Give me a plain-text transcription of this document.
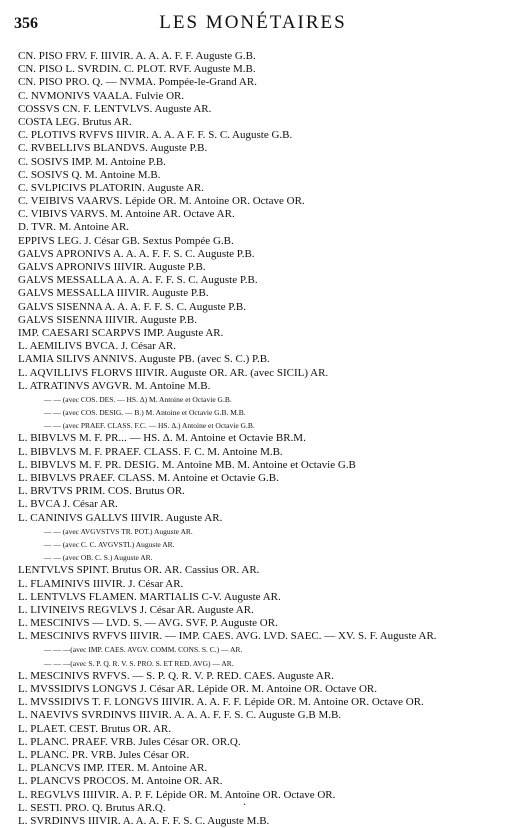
356	LES MONÉTAIRES
CN. PISO FRV. F. IIIVIR. A. A. A. F. F. Auguste G.B.
CN. PISO L. SVRDIN. C. PLOT. RVF. Auguste M.B.
CN. PISO PRO. Q. — NVMA. Pompée-le-Grand AR.
C. NVMONIVS VAALA. Fulvie OR.
COSSVS CN. F. LENTVLVS. Auguste AR.
COSTA LEG. Brutus AR.
C. PLOTIVS RVFVS IIIVIR. A. A. A F. F. S. C. Auguste G.B.
C. RVBELLIVS BLANDVS. Auguste P.B.
C. SOSIVS IMP. M. Antoine P.B.
C. SOSIVS Q. M. Antoine M.B.
C. SVLPICIVS PLATORIN. Auguste AR.
C. VEIBIVS VAARVS. Lépide OR. M. Antoine OR. Octave OR.
C. VIBIVS VARVS. M. Antoine AR. Octave AR.
D. TVR. M. Antoine AR.
EPPIVS LEG. J. César GB. Sextus Pompée G.B.
GALVS APRONIVS A. A. A. F. F. S. C. Auguste P.B.
GALVS APRONIVS IIIVIR. Auguste P.B.
GALVS MESSALLA A. A. A. F. F. S. C. Auguste P.B.
GALVS MESSALLA IIIVIR. Auguste P.B.
GALVS SISENNA A. A. A. F. F. S. C. Auguste P.B.
GALVS SISENNA IIIVIR. Auguste P.B.
IMP. CAESARI SCARPVS IMP. Auguste AR.
L. AEMILIVS BVCA. J. César AR.
LAMIA SILIVS ANNIVS. Auguste PB. (avec S. C.) P.B.
L. AQVILLIVS FLORVS IIIVIR. Auguste OR. AR. (avec SICIL) AR.
L. ATRATINVS AVGVR. M. Antoine M.B.
— — (avec COS. DES. — HS. Δ) M. Antoine et Octavie G.B.
— — (avec COS. DESIG. — B.) M. Antoine et Octavie G.B. M.B.
— — (avec PRAEF. CLASS. F.C. — HS. Δ.) Antoine et Octavie G.B.
L. BIBVLVS M. F. PR... — HS. Δ. M. Antoine et Octavie BR.M.
L. BIBVLVS M. F. PRAEF. CLASS. F. C. M. Antoine M.B.
L. BIBVLVS M. F. PR. DESIG. M. Antoine MB. M. Antoine et Octavie G.B
L. BIBVLVS PRAEF. CLASS. M. Antoine et Octavie G.B.
L. BRVTVS PRIM. COS. Brutus OR.
L. BVCA J. César AR.
L. CANINIVS GALLVS IIIVIR. Auguste AR.
— — (avec AVGVSTVS TR. POT.) Auguste AR.
— — (avec C. C. AVGVSTI.) Auguste AR.
— — (avec OB. C. S.) Auguste AR.
LENTVLVS SPINT. Brutus OR. AR. Cassius OR. AR.
L. FLAMINIVS IIIVIR. J. César AR.
L. LENTVLVS FLAMEN. MARTIALIS C-V. Auguste AR.
L. LIVINEIVS REGVLVS J. César AR. Auguste AR.
L. MESCINIVS — LVD. S. — AVG. SVF. P. Auguste OR.
L. MESCINIVS RVFVS IIIVIR. — IMP. CAES. AVG. LVD. SAEC. — XV. S. F. Auguste AR.
— — —(avec IMP. CAES. AVGV. COMM. CONS. S. C.) — AR.
— — —(avec S. P. Q. R. V. S. PRO. S. ET RED. AVG) — AR.
L. MESCINIVS RVFVS. — S. P. Q. R. V. P. RED. CAES. Auguste AR.
L. MVSSIDIVS LONGVS J. César AR. Lépide OR. M. Antoine OR. Octave OR.
L. MVSSIDIVS T. F. LONGVS IIIVIR. A. A. F. F. Lépide OR. M. Antoine OR. Octave OR.
L. NAEVIVS SVRDINVS IIIVIR. A. A. A. F. F. S. C. Auguste G.B M.B.
L. PLAET. CEST. Brutus OR. AR.
L. PLANC. PRAEF. VRB. Jules César OR. OR.Q.
L. PLANC. PR. VRB. Jules César OR.
L. PLANCVS IMP. ITER. M. Antoine AR.
L. PLANCVS PROCOS. M. Antoine OR. AR.
L. REGVLVS IIIIVIR. A. P. F. Lépide OR. M. Antoine OR. Octave OR.
L. SESTI. PRO. Q. Brutus AR.Q.
L. SVRDINVS IIIVIR. A. A. A. F. F. S. C. Auguste M.B.
·
